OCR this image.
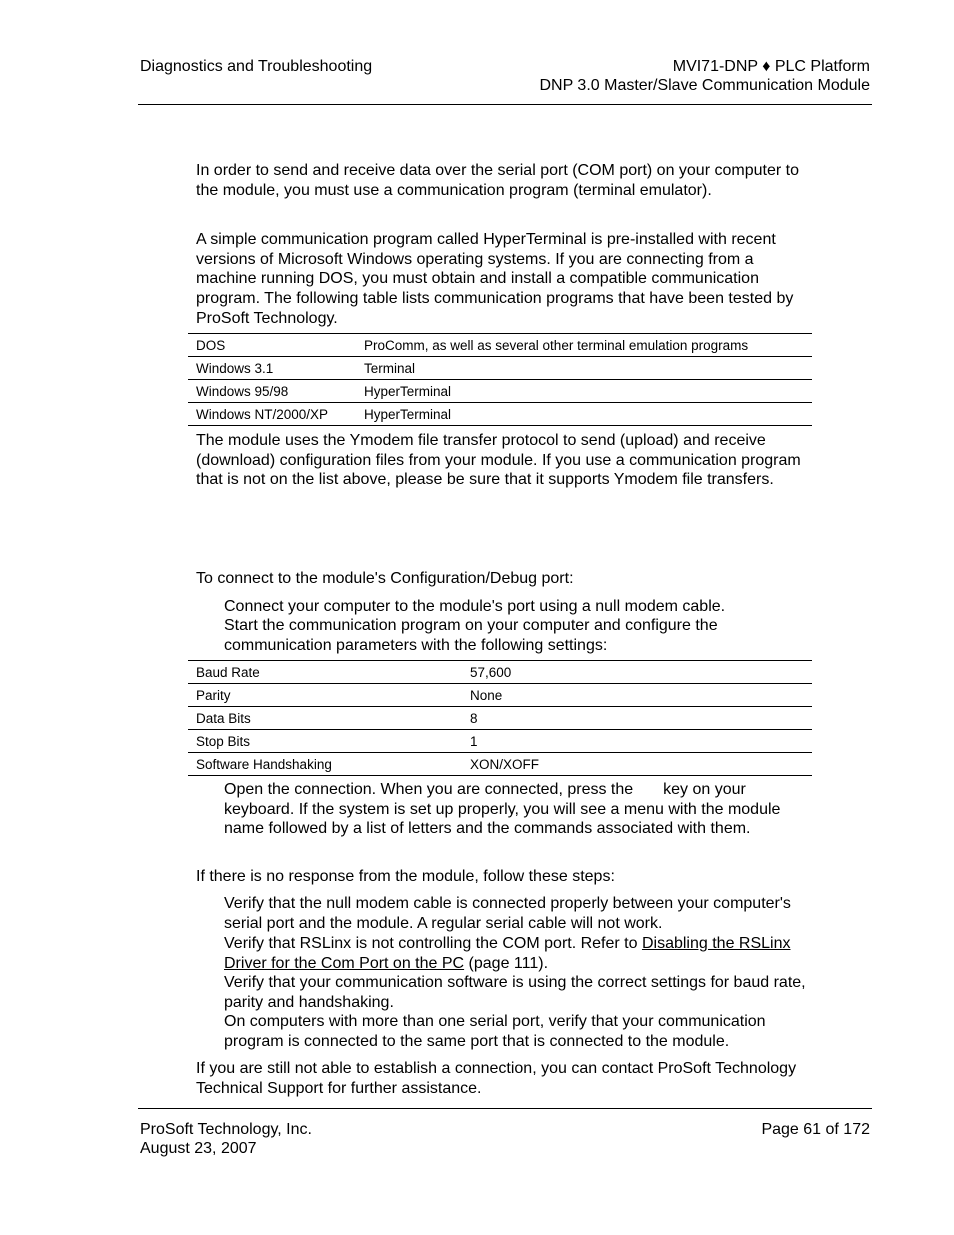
Diagnostics and Troubleshooting	MVI71-DNP ♦ PLC Platform
DNP 3.0 Master/Slave Communication Module

In order to send and receive data over the serial port (COM port) on your computer to the module, you must use a communication program (terminal emulator).

A simple communication program called HyperTerminal is pre-installed with recent versions of Microsoft Windows operating systems. If you are connecting from a machine running DOS, you must obtain and install a compatible communication program. The following table lists communication programs that have been tested by ProSoft Technology.

DOS	ProComm, as well as several other terminal emulation programs
Windows 3.1	Terminal
Windows 95/98	HyperTerminal
Windows NT/2000/XP	HyperTerminal

The module uses the Ymodem file transfer protocol to send (upload) and receive (download) configuration files from your module. If you use a communication program that is not on the list above, please be sure that it supports Ymodem file transfers.

To connect to the module's Configuration/Debug port:

Connect your computer to the module's port using a null modem cable.

Start the communication program on your computer and configure the communication parameters with the following settings:

Baud Rate	57,600
Parity	None
Data Bits	8
Stop Bits	1
Software Handshaking	XON/XOFF

Open the connection. When you are connected, press the key on your keyboard. If the system is set up properly, you will see a menu with the module name followed by a list of letters and the commands associated with them.

If there is no response from the module, follow these steps:

Verify that the null modem cable is connected properly between your computer's serial port and the module. A regular serial cable will not work.

Verify that RSLinx is not controlling the COM port. Refer to Disabling the RSLinx Driver for the Com Port on the PC (page 111).

Verify that your communication software is using the correct settings for baud rate, parity and handshaking.

On computers with more than one serial port, verify that your communication program is connected to the same port that is connected to the module.

If you are still not able to establish a connection, you can contact ProSoft Technology Technical Support for further assistance.

ProSoft Technology, Inc.
August 23, 2007
Page 61 of 172
